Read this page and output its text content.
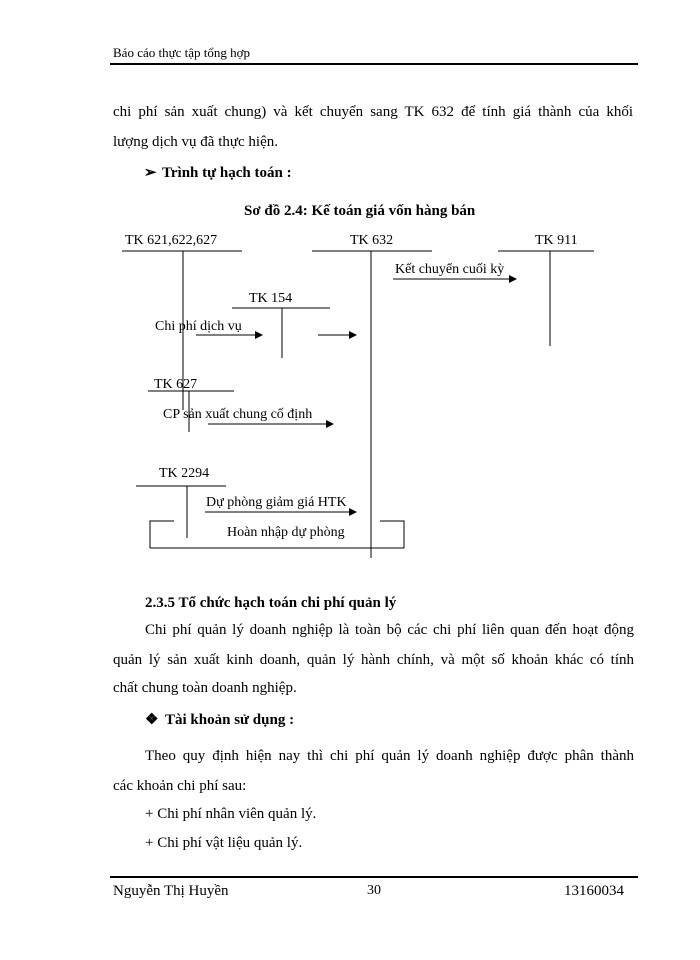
Báo cáo thực tập tổng hợp
chi phí sản xuất chung) và kết chuyển sang TK 632 để tính giá thành của khối
lượng dịch vụ đã thực hiện.
➢ Trình tự hạch toán :
Sơ đồ 2.4: Kế toán giá vốn hàng bán
TK 621,622,627	TK 632	TK 911
Kết chuyển cuối kỳ
TK 154
Chi phí dịch vụ
TK 627
CP sản xuất chung cố định
TK 2294
Dự phòng giảm giá HTK
Hoàn nhập dự phòng
2.3.5 Tổ chức hạch toán chi phí quản lý
Chi phí quản lý doanh nghiệp là toàn bộ các chi phí liên quan đến hoạt động
quản lý sản xuất kinh doanh, quản lý hành chính, và một số khoản khác có tính
chất chung toàn doanh nghiệp.
❖ Tài khoản sử dụng :
Theo quy định hiện nay thì chi phí quản lý doanh nghiệp được phân thành
các khoản chi phí sau:
+ Chi phí nhân viên quản lý.
+ Chi phí vật liệu quản lý.
Nguyễn Thị Huyền	30	13160034
